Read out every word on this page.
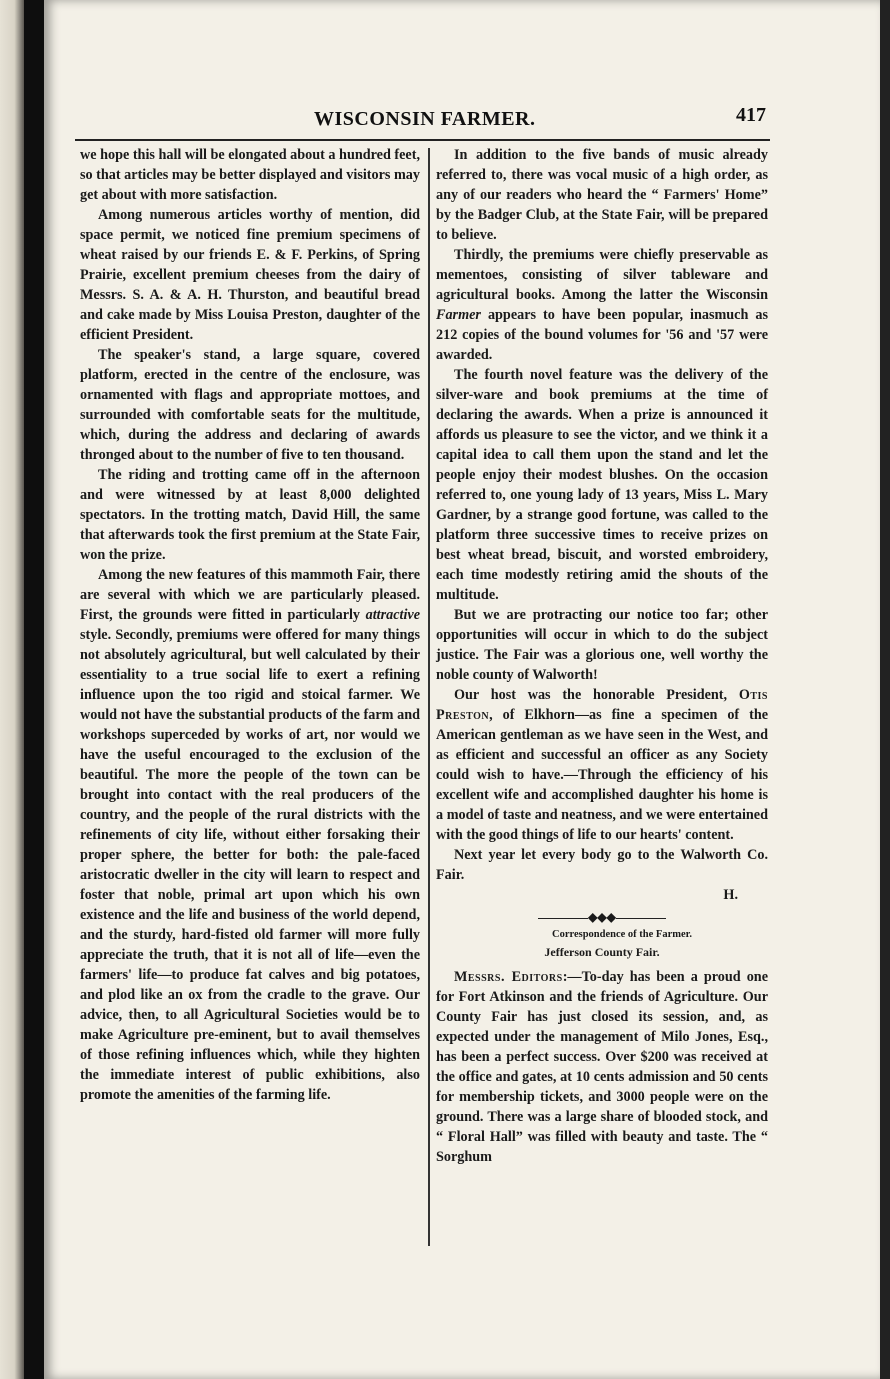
WISCONSIN FARMER.	417

we hope this hall will be elongated about a hundred feet, so that articles may be better displayed and visitors may get about with more satisfaction.

Among numerous articles worthy of mention, did space permit, we noticed fine premium specimens of wheat raised by our friends E. & F. Perkins, of Spring Prairie, excellent premium cheeses from the dairy of Messrs. S. A. & A. H. Thurston, and beautiful bread and cake made by Miss Louisa Preston, daughter of the efficient President.

The speaker's stand, a large square, covered platform, erected in the centre of the enclosure, was ornamented with flags and appropriate mottoes, and surrounded with comfortable seats for the multitude, which, during the address and declaring of awards thronged about to the number of five to ten thousand.

The riding and trotting came off in the afternoon and were witnessed by at least 8,000 delighted spectators. In the trotting match, David Hill, the same that afterwards took the first premium at the State Fair, won the prize.

Among the new features of this mammoth Fair, there are several with which we are particularly pleased. First, the grounds were fitted in particularly attractive style. Secondly, premiums were offered for many things not absolutely agricultural, but well calculated by their essentiality to a true social life to exert a refining influence upon the too rigid and stoical farmer. We would not have the substantial products of the farm and workshops superceded by works of art, nor would we have the useful encouraged to the exclusion of the beautiful. The more the people of the town can be brought into contact with the real producers of the country, and the people of the rural districts with the refinements of city life, without either forsaking their proper sphere, the better for both: the pale-faced aristocratic dweller in the city will learn to respect and foster that noble, primal art upon which his own existence and the life and business of the world depend, and the sturdy, hard-fisted old farmer will more fully appreciate the truth, that it is not all of life—even the farmers' life—to produce fat calves and big potatoes, and plod like an ox from the cradle to the grave. Our advice, then, to all Agricultural Societies would be to make Agriculture pre-eminent, but to avail themselves of those refining influences which, while they highten the immediate interest of public exhibitions, also promote the amenities of the farming life.

In addition to the five bands of music already referred to, there was vocal music of a high order, as any of our readers who heard the “ Farmers' Home” by the Badger Club, at the State Fair, will be prepared to believe.

Thirdly, the premiums were chiefly preservable as mementoes, consisting of silver tableware and agricultural books. Among the latter the Wisconsin Farmer appears to have been popular, inasmuch as 212 copies of the bound volumes for '56 and '57 were awarded.

The fourth novel feature was the delivery of the silver-ware and book premiums at the time of declaring the awards. When a prize is announced it affords us pleasure to see the victor, and we think it a capital idea to call them upon the stand and let the people enjoy their modest blushes. On the occasion referred to, one young lady of 13 years, Miss L. Mary Gardner, by a strange good fortune, was called to the platform three successive times to receive prizes on best wheat bread, biscuit, and worsted embroidery, each time modestly retiring amid the shouts of the multitude.

But we are protracting our notice too far; other opportunities will occur in which to do the subject justice. The Fair was a glorious one, well worthy the noble county of Walworth!

Our host was the honorable President, Otis Preston, of Elkhorn—as fine a specimen of the American gentleman as we have seen in the West, and as efficient and successful an officer as any Society could wish to have.—Through the efficiency of his excellent wife and accomplished daughter his home is a model of taste and neatness, and we were entertained with the good things of life to our hearts' content.

Next year let every body go to the Walworth Co. Fair.

H.
◆◆◆
Correspondence of the Farmer.
Jefferson County Fair.

Messrs. Editors:—To-day has been a proud one for Fort Atkinson and the friends of Agriculture. Our County Fair has just closed its session, and, as expected under the management of Milo Jones, Esq., has been a perfect success. Over $200 was received at the office and gates, at 10 cents admission and 50 cents for membership tickets, and 3000 people were on the ground. There was a large share of blooded stock, and “ Floral Hall” was filled with beauty and taste. The “ Sorghum
